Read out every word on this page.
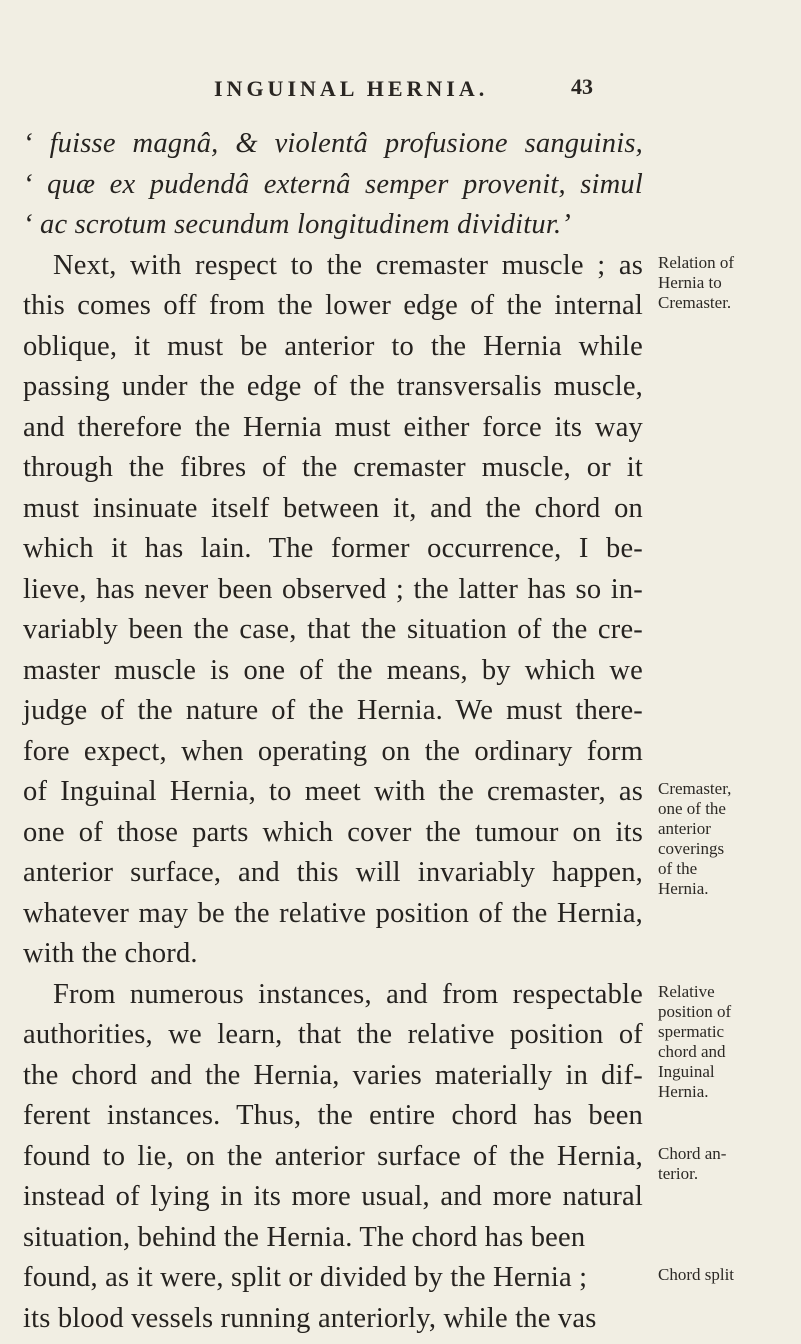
INGUINAL HERNIA.	43
‘ fuisse magnâ, & violentâ profusione sanguinis,
‘ quæ ex pudendâ externâ semper provenit, simul
‘ ac scrotum secundum longitudinem dividitur.’
Next, with respect to the cremaster muscle ; as
this comes off from the lower edge of the internal
oblique, it must be anterior to the Hernia while
passing under the edge of the transversalis muscle,
and therefore the Hernia must either force its way
through the fibres of the cremaster muscle, or it
must insinuate itself between it, and the chord on
which it has lain. The former occurrence, I be-
lieve, has never been observed ; the latter has so in-
variably been the case, that the situation of the cre-
master muscle is one of the means, by which we
judge of the nature of the Hernia. We must there-
fore expect, when operating on the ordinary form
of Inguinal Hernia, to meet with the cremaster, as
one of those parts which cover the tumour on its
anterior surface, and this will invariably happen,
whatever may be the relative position of the Hernia,
with the chord.
From numerous instances, and from respectable
authorities, we learn, that the relative position of
the chord and the Hernia, varies materially in dif-
ferent instances. Thus, the entire chord has been
found to lie, on the anterior surface of the Hernia,
instead of lying in its more usual, and more natural
situation, behind the Hernia. The chord has been
found, as it were, split or divided by the Hernia ;
its blood vessels running anteriorly, while the vas
Relation of
Hernia to
Cremaster.
Cremaster,
one of the
anterior
coverings
of the
Hernia.
Relative
position of
spermatic
chord and
Inguinal
Hernia.
Chord an-
terior.
Chord split
